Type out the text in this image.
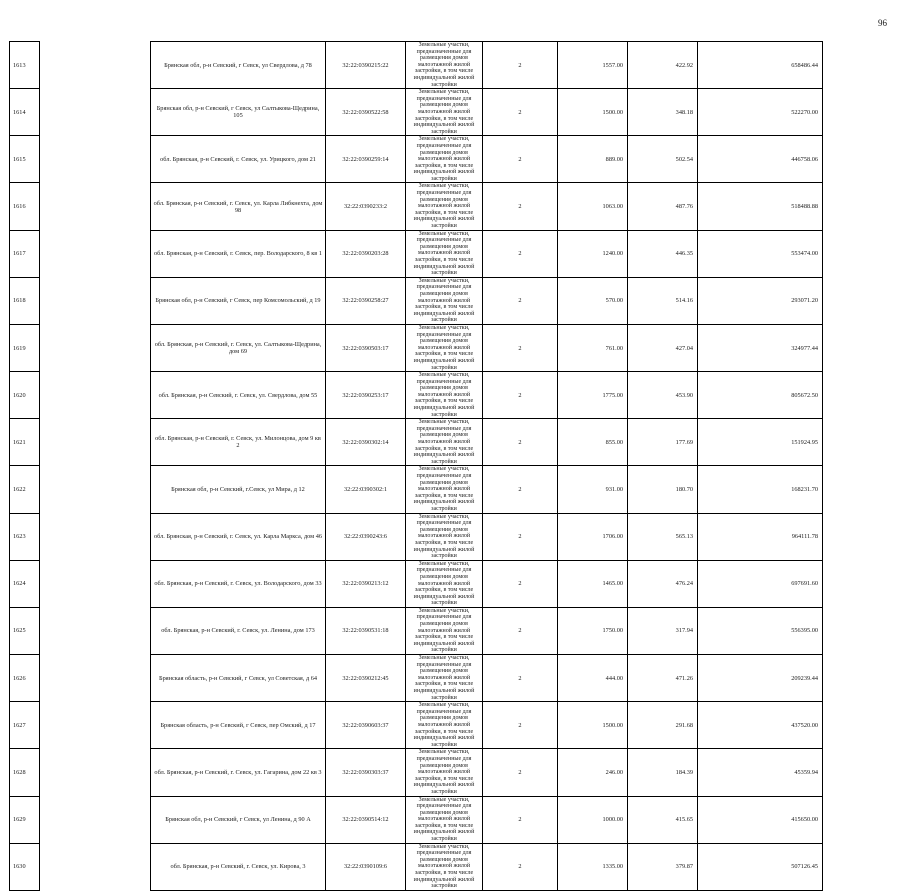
96
1613		Брянская обл, р-н Севский, г Севск, ул Свердлова, д 78	32:22:0390215:22	Земельные участки, предназначенные для размещения домов малоэтажной жилой застройки, в том числе индивидуальной жилой застройки	2	1557.00	422.92	658486.44
1614		Брянская обл, р-н Севский, г Севск, ул Салтыкова-Щедрина, 105	32:22:0390522:58	Земельные участки, предназначенные для размещения домов малоэтажной жилой застройки, в том числе индивидуальной жилой застройки	2	1500.00	348.18	522270.00
1615		обл. Брянская, р-н Севский, г. Севск, ул. Урицкого, дом 21	32:22:0390259:14	Земельные участки, предназначенные для размещения домов малоэтажной жилой застройки, в том числе индивидуальной жилой застройки	2	889.00	502.54	446758.06
1616		обл. Брянская, р-н Севский, г. Севск, ул. Карла Либкнехта, дом 98	32:22:0390233:2	Земельные участки, предназначенные для размещения домов малоэтажной жилой застройки, в том числе индивидуальной жилой застройки	2	1063.00	487.76	518488.88
1617		обл. Брянская, р-н Севский, г. Севск, пер. Володарского, 8 кв 1	32:22:0390203:28	Земельные участки, предназначенные для размещения домов малоэтажной жилой застройки, в том числе индивидуальной жилой застройки	2	1240.00	446.35	553474.00
1618		Брянская обл, р-н Севский, г Севск, пер Комсомольский, д 19	32:22:0390258:27	Земельные участки, предназначенные для размещения домов малоэтажной жилой застройки, в том числе индивидуальной жилой застройки	2	570.00	514.16	293071.20
1619		обл. Брянская, р-н Севский, г. Севск, ул. Салтыкова-Щедрина, дом 69	32:22:0390503:17	Земельные участки, предназначенные для размещения домов малоэтажной жилой застройки, в том числе индивидуальной жилой застройки	2	761.00	427.04	324977.44
1620		обл. Брянская, р-н Севский, г. Севск, ул. Свердлова, дом 55	32:22:0390253:17	Земельные участки, предназначенные для размещения домов малоэтажной жилой застройки, в том числе индивидуальной жилой застройки	2	1775.00	453.90	805672.50
1621		обл. Брянская, р-н Севский, г. Севск, ул. Милонцова, дом 9 кв 2	32:22:0390302:14	Земельные участки, предназначенные для размещения домов малоэтажной жилой застройки, в том числе индивидуальной жилой застройки	2	855.00	177.69	151924.95
1622		Брянская обл, р-н Севский, г.Севск, ул Мира, д 12	32:22:0390302:1	Земельные участки, предназначенные для размещения домов малоэтажной жилой застройки, в том числе индивидуальной жилой застройки	2	931.00	180.70	168231.70
1623		обл. Брянская, р-н Севский, г. Севск, ул. Карла Маркса, дом 46	32:22:0390243:6	Земельные участки, предназначенные для размещения домов малоэтажной жилой застройки, в том числе индивидуальной жилой застройки	2	1706.00	565.13	964111.78
1624		обл. Брянская, р-н Севский, г. Севск, ул. Володарского, дом 33	32:22:0390213:12	Земельные участки, предназначенные для размещения домов малоэтажной жилой застройки, в том числе индивидуальной жилой застройки	2	1465.00	476.24	697691.60
1625		обл. Брянская, р-н Севский, г. Севск, ул. Ленина, дом 173	32:22:0390531:18	Земельные участки, предназначенные для размещения домов малоэтажной жилой застройки, в том числе индивидуальной жилой застройки	2	1750.00	317.94	556395.00
1626		Брянская область, р-н Севский, г Севск, ул Советская, д 64	32:22:0390212:45	Земельные участки, предназначенные для размещения домов малоэтажной жилой застройки, в том числе индивидуальной жилой застройки	2	444.00	471.26	209239.44
1627		Брянская область, р-н Севский, г Севск, пер Омский, д 17	32:22:0390603:37	Земельные участки, предназначенные для размещения домов малоэтажной жилой застройки, в том числе индивидуальной жилой застройки	2	1500.00	291.68	437520.00
1628		обл. Брянская, р-н Севский, г. Севск, ул. Гагарина, дом 22 кв 3	32:22:0390303:37	Земельные участки, предназначенные для размещения домов малоэтажной жилой застройки, в том числе индивидуальной жилой застройки	2	246.00	184.39	45359.94
1629		Брянская обл, р-н Севский, г Севск, ул Ленина, д 90 А	32:22:0390514:12	Земельные участки, предназначенные для размещения домов малоэтажной жилой застройки, в том числе индивидуальной жилой застройки	2	1000.00	415.65	415650.00
1630		обл. Брянская, р-н Севский, г. Севск, ул. Кирова, 3	32:22:0390109:6	Земельные участки, предназначенные для размещения домов малоэтажной жилой застройки, в том числе индивидуальной жилой застройки	2	1335.00	379.87	507126.45
